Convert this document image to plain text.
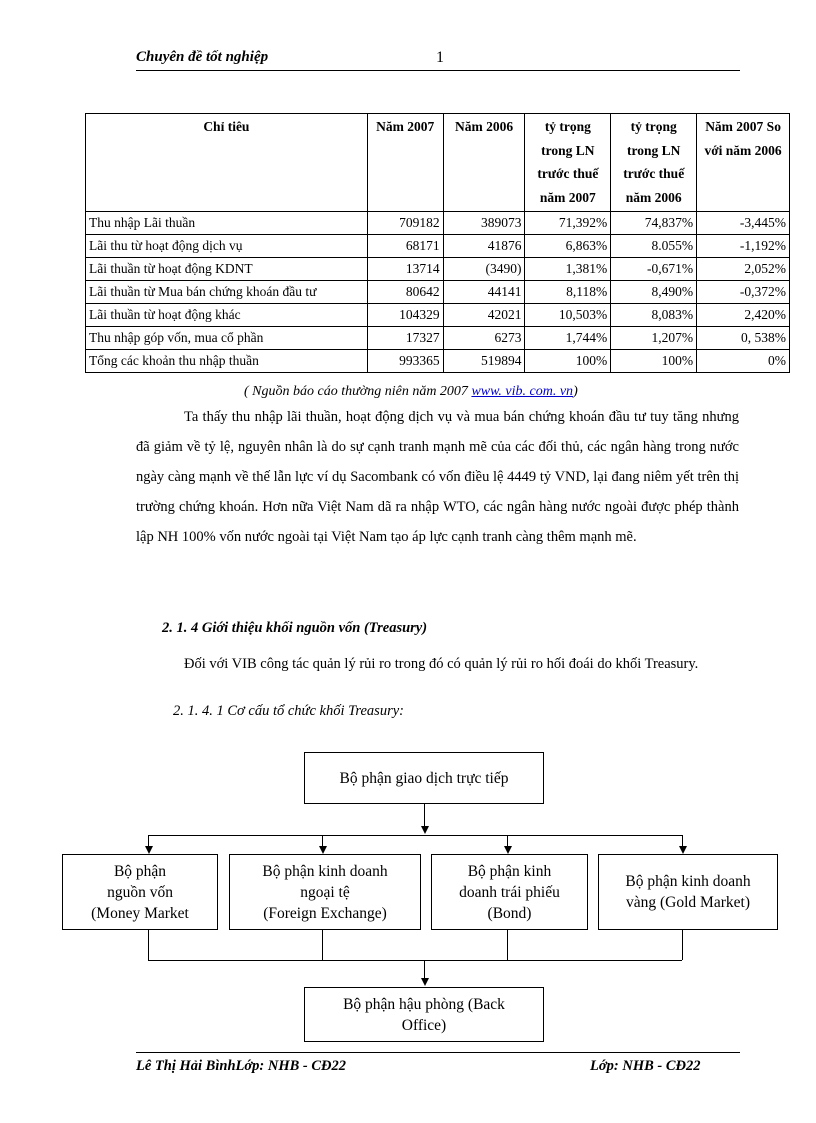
Chuyên đề tốt nghiệp	1
Chỉ tiêu	Năm 2007	Năm 2006	tỷ trọng trong LN trước thuế năm 2007	tỷ trọng trong LN trước thuế năm 2006	Năm 2007 So với năm 2006
Thu nhập Lãi thuần	709182	389073	71,392%	74,837%	-3,445%
Lãi thu từ hoạt động dịch vụ	68171	41876	6,863%	8.055%	-1,192%
Lãi thuần từ hoạt động KDNT	13714	(3490)	1,381%	-0,671%	2,052%
Lãi thuần từ Mua bán chứng khoán đầu tư	80642	44141	8,118%	8,490%	-0,372%
Lãi thuần từ hoạt động khác	104329	42021	10,503%	8,083%	2,420%
Thu nhập góp vốn, mua cổ phần	17327	6273	1,744%	1,207%	0, 538%
Tổng các khoản thu nhập thuần	993365	519894	100%	100%	0%
( Nguồn báo cáo thường niên năm 2007 www. vib. com. vn)

Ta thấy thu nhập lãi thuần, hoạt động dịch vụ và mua bán chứng khoán đầu tư tuy tăng nhưng đã giảm về tỷ lệ, nguyên nhân là do sự cạnh tranh mạnh mẽ của các đối thủ, các ngân hàng trong nước ngày càng mạnh về thế lẫn lực ví dụ Sacombank có vốn điều lệ 4449 tỷ VND, lại đang niêm yết trên thị trường chứng khoán. Hơn nữa Việt Nam dã ra nhập WTO, các ngân hàng nước ngoài được phép thành lập NH 100% vốn nước ngoài tại Việt Nam tạo áp lực cạnh tranh càng thêm mạnh mẽ.

2. 1. 4 Giới thiệu khối nguồn vốn (Treasury)

Đối với VIB công tác quản lý rủi ro trong đó có quản lý rủi ro hối đoái do khối Treasury.

2. 1. 4. 1 Cơ cấu tổ chức khối Treasury:
Bộ phận giao dịch trực tiếp
Bộ phận
nguồn vốn
(Money Market
Bộ phận kinh doanh
ngoại tệ
(Foreign Exchange)
Bộ phận kinh
doanh trái phiếu
(Bond)
Bộ phận kinh doanh
vàng (Gold Market)
Bộ phận hậu phòng (Back
Office)
Lê Thị Hải BìnhLớp: NHB - CĐ22	Lớp: NHB - CĐ22
